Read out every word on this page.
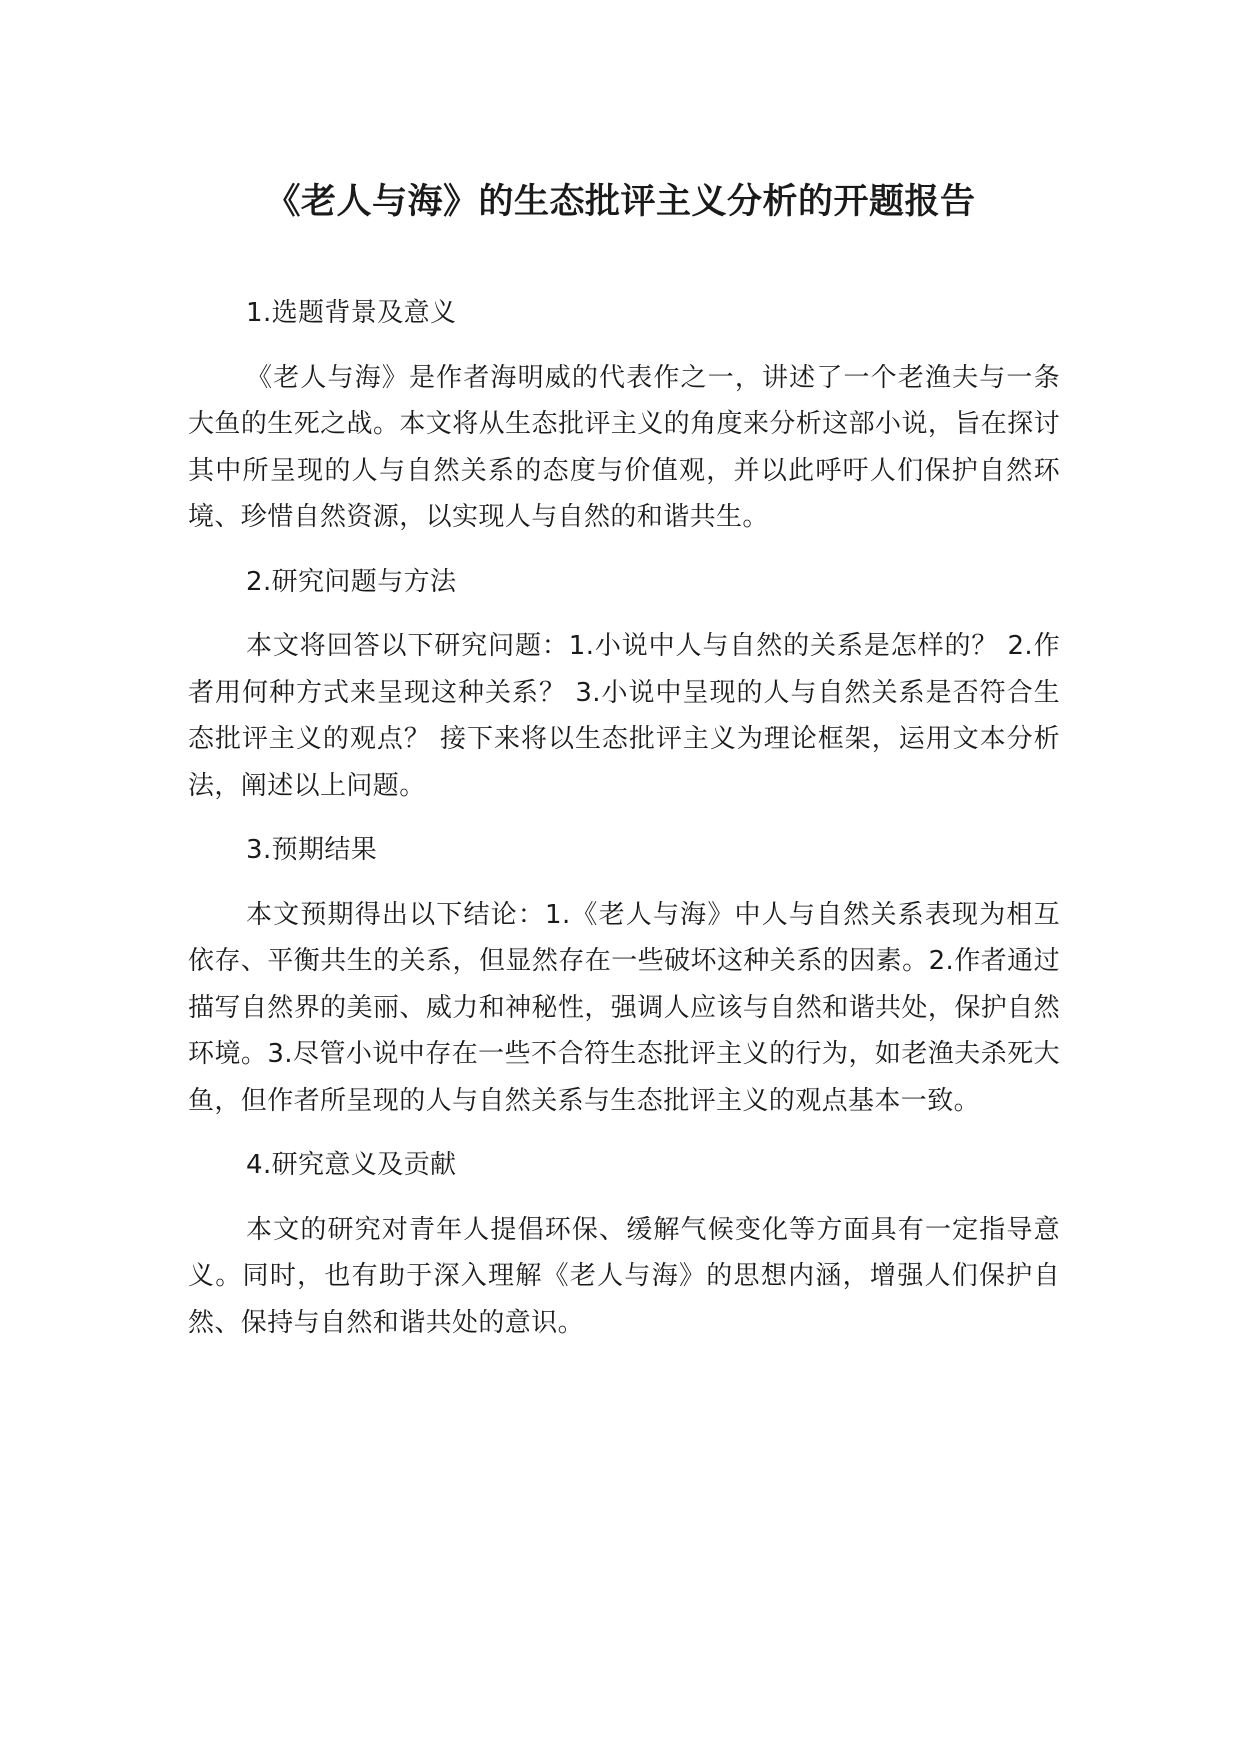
《老人与海》的生态批评主义分析的开题报告

1.选题背景及意义

《老人与海》是作者海明威的代表作之一，讲述了一个老渔夫与一条大鱼的生死之战。本文将从生态批评主义的角度来分析这部小说，旨在探讨其中所呈现的人与自然关系的态度与价值观，并以此呼吁人们保护自然环境、珍惜自然资源，以实现人与自然的和谐共生。

2.研究问题与方法

本文将回答以下研究问题：1.小说中人与自然的关系是怎样的？ 2.作者用何种方式来呈现这种关系？ 3.小说中呈现的人与自然关系是否符合生态批评主义的观点？ 接下来将以生态批评主义为理论框架，运用文本分析法，阐述以上问题。

3.预期结果

本文预期得出以下结论：1.《老人与海》中人与自然关系表现为相互依存、平衡共生的关系，但显然存在一些破坏这种关系的因素。2.作者通过描写自然界的美丽、威力和神秘性，强调人应该与自然和谐共处，保护自然环境。3.尽管小说中存在一些不合符生态批评主义的行为，如老渔夫杀死大鱼，但作者所呈现的人与自然关系与生态批评主义的观点基本一致。

4.研究意义及贡献

本文的研究对青年人提倡环保、缓解气候变化等方面具有一定指导意义。同时，也有助于深入理解《老人与海》的思想内涵，增强人们保护自然、保持与自然和谐共处的意识。
